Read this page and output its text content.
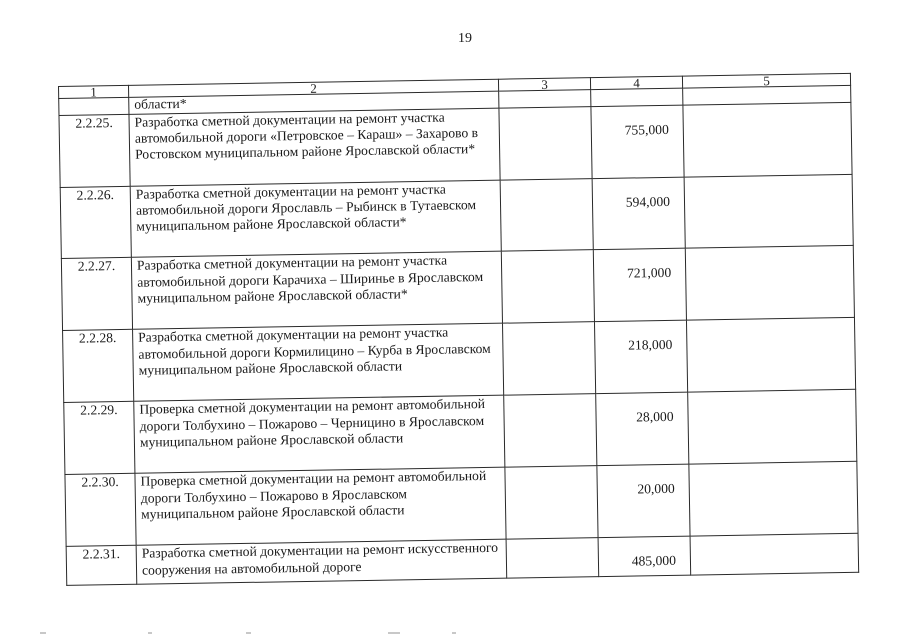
19
1	2	3	4	5
	области*			
2.2.25.	Разработка сметной документации на ремонт участка автомобильной дороги «Петровское – Караш» – Захарово в Ростовском муниципальном районе Ярославской области*		755,000	
2.2.26.	Разработка сметной документации на ремонт участка автомобильной дороги Ярославль – Рыбинск в Тутаевском муниципальном районе Ярославской области*		594,000	
2.2.27.	Разработка сметной документации на ремонт участка автомобильной дороги Карачиха – Ширинье в Ярославском муниципальном районе Ярославской области*		721,000	
2.2.28.	Разработка сметной документации на ремонт участка автомобильной дороги Кормилицино – Курба в Ярославском муниципальном районе Ярославской области		218,000	
2.2.29.	Проверка сметной документации на ремонт автомобильной дороги Толбухино – Пожарово – Черницино в Ярославском муниципальном районе Ярославской области		28,000	
2.2.30.	Проверка сметной документации на ремонт автомобильной дороги Толбухино – Пожарово в Ярославском муниципальном районе Ярославской области		20,000	
2.2.31.	Разработка сметной документации на ремонт искусственного сооружения на автомобильной дороге		485,000	
